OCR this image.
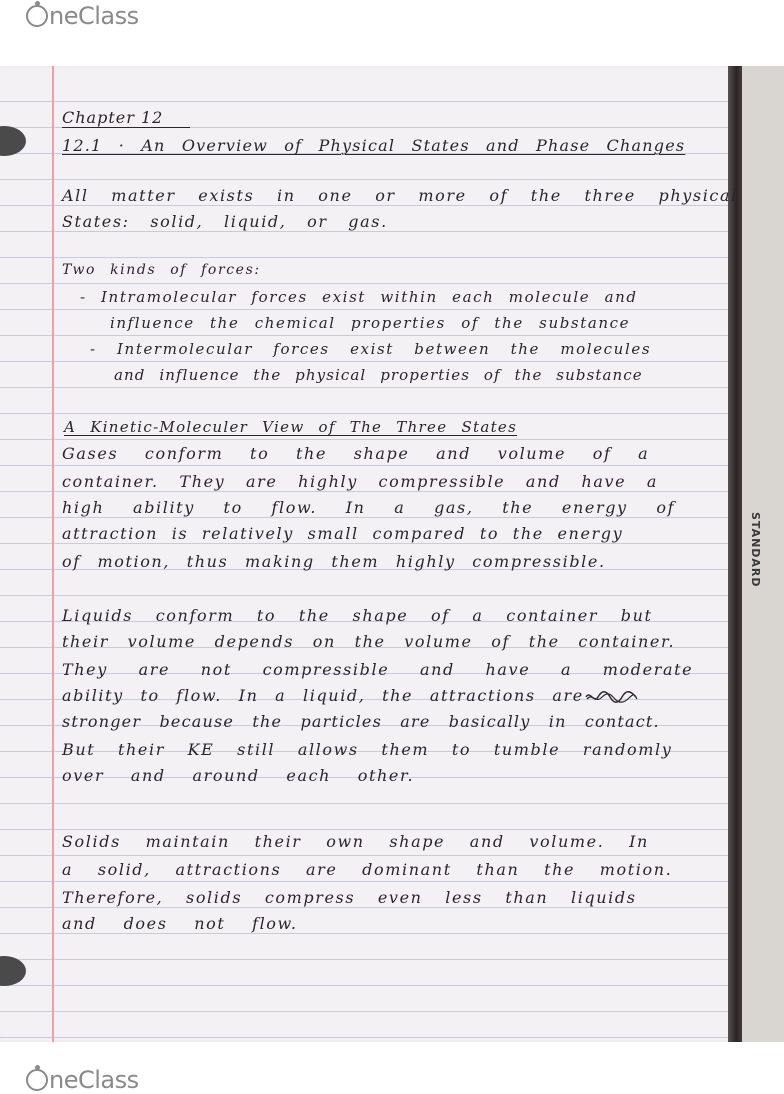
neClass
STANDARD
Chapter 12
12.1 · An Overview of Physical States and Phase Changes
All matter exists in one or more of the three physical
States: solid, liquid, or gas.
Two kinds of forces:
- Intramolecular forces exist within each molecule and
influence the chemical properties of the substance
- Intermolecular forces exist between the molecules
and influence the physical properties of the substance
A Kinetic-Moleculer View of The Three States
Gases conform to the shape and volume of a
container. They are highly compressible and have a
high ability to flow. In a gas, the energy of
attraction is relatively small compared to the energy
of motion, thus making them highly compressible.
Liquids conform to the shape of a container but
their volume depends on the volume of the container.
They are not compressible and have a moderate
ability to flow. In a liquid, the attractions are
stronger because the particles are basically in contact.
But their KE still allows them to tumble randomly
over and around each other.
Solids maintain their own shape and volume. In
a solid, attractions are dominant than the motion.
Therefore, solids compress even less than liquids
and does not flow.
neClass
